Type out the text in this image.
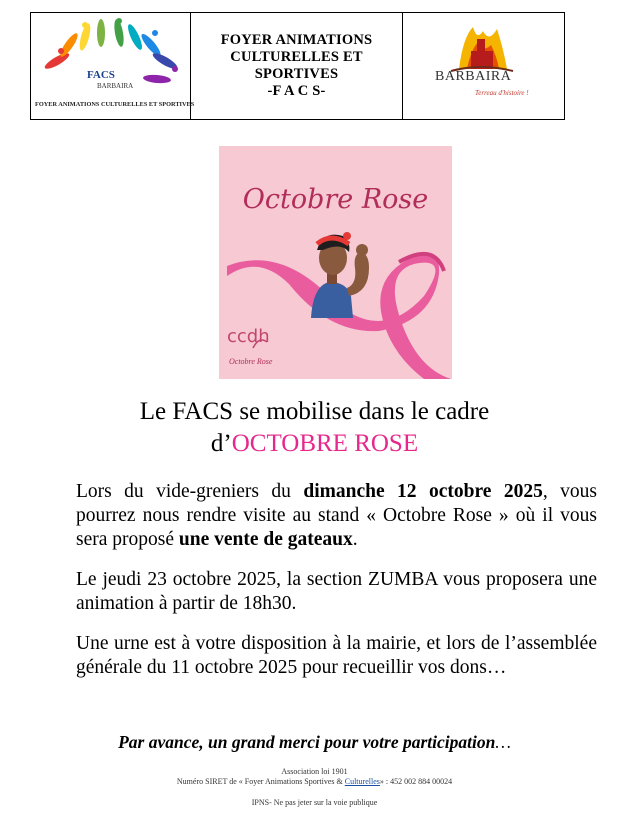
FACS
BARBAIRA
FOYER ANIMATIONS CULTURELLES ET SPORTIVES
FOYER ANIMATIONS
CULTURELLES ET
SPORTIVES
-F A C S-
BARBAIRA
Terreau d'histoire !
Octobre Rose
ccdh
Octobre Rose
Le FACS se mobilise dans le cadre
d’OCTOBRE ROSE

Lors du vide-greniers du dimanche 12 octobre 2025, vous pourrez nous rendre visite au stand « Octobre Rose » où il vous sera proposé une vente de gateaux.

Le jeudi 23 octobre 2025, la section ZUMBA vous proposera une animation à partir de 18h30.

Une urne est à votre disposition à la mairie, et lors de l’assemblée générale du 11 octobre 2025 pour recueillir vos dons…

Par avance, un grand merci pour votre participation…
Association loi 1901
Numéro SIRET de « Foyer Animations Sportives & Culturelles» : 452 002 884 00024
IPNS- Ne pas jeter sur la voie publique
